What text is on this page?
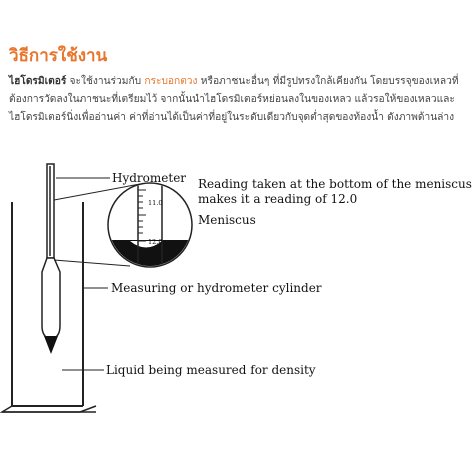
วิธีการใช้งาน
ไฮโดรมิเตอร์ จะใช้งานร่วมกับ กระบอกตวง หรือภาชนะอื่นๆ ที่มีรูปทรงใกล้เคียงกัน โดยบรรจุของเหลวที่ต้องการวัดลงในภาชนะที่เตรียมไว้ จากนั้นนำไฮโดรมิเตอร์หย่อนลงในของเหลว แล้วรอให้ของเหลวและไฮโดรมิเตอร์นิ่งเพื่ออ่านค่า ค่าที่อ่านได้เป็นค่าที่อยู่ในระดับเดียวกับจุดต่ำสุดของท้องน้ำ ดังภาพด้านล่าง
11.0
12.0
Hydrometer Reading taken at the bottom of the meniscus
makes it a reading of 12.0
Meniscus
Measuring or hydrometer cylinder
Liquid being measured for density
